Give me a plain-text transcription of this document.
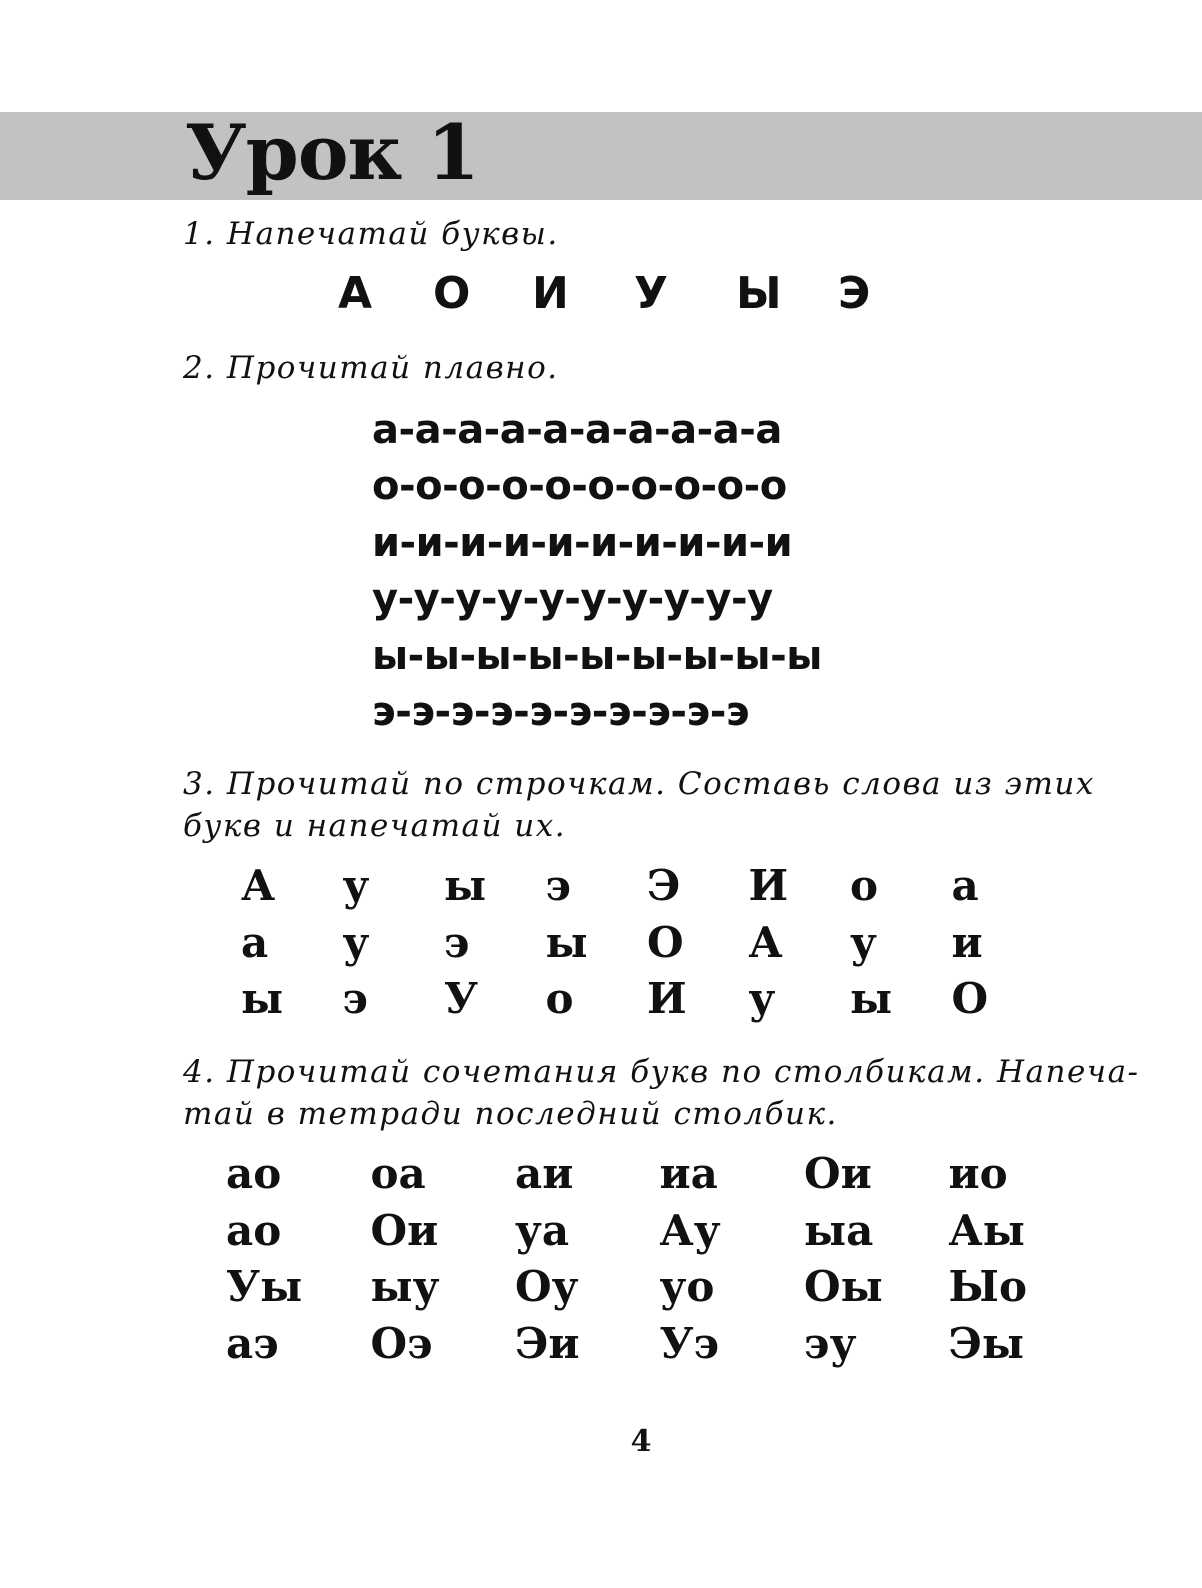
Урок 1

1. Напечатай буквы.

А О И У Ы Э

2. Прочитай плавно.

а-а-а-а-а-а-а-а-а-а
о-о-о-о-о-о-о-о-о-о
и-и-и-и-и-и-и-и-и-и
у-у-у-у-у-у-у-у-у-у
ы-ы-ы-ы-ы-ы-ы-ы-ы
э-э-э-э-э-э-э-э-э-э

3. Прочитай по строчкам. Составь слова из этих

букв и напечатай их.

А у ы э Э И о а
а у э ы О А у и
ы э У о И у ы О

4. Прочитай сочетания букв по столбикам. Напеча-

тай в тетради последний столбик.

ао оа аи иа Ои ио
ао Ои уа Ау ыа Аы
Уы ыу Оу уо Оы Ыо
аэ Оэ Эи Уэ эу Эы
4
